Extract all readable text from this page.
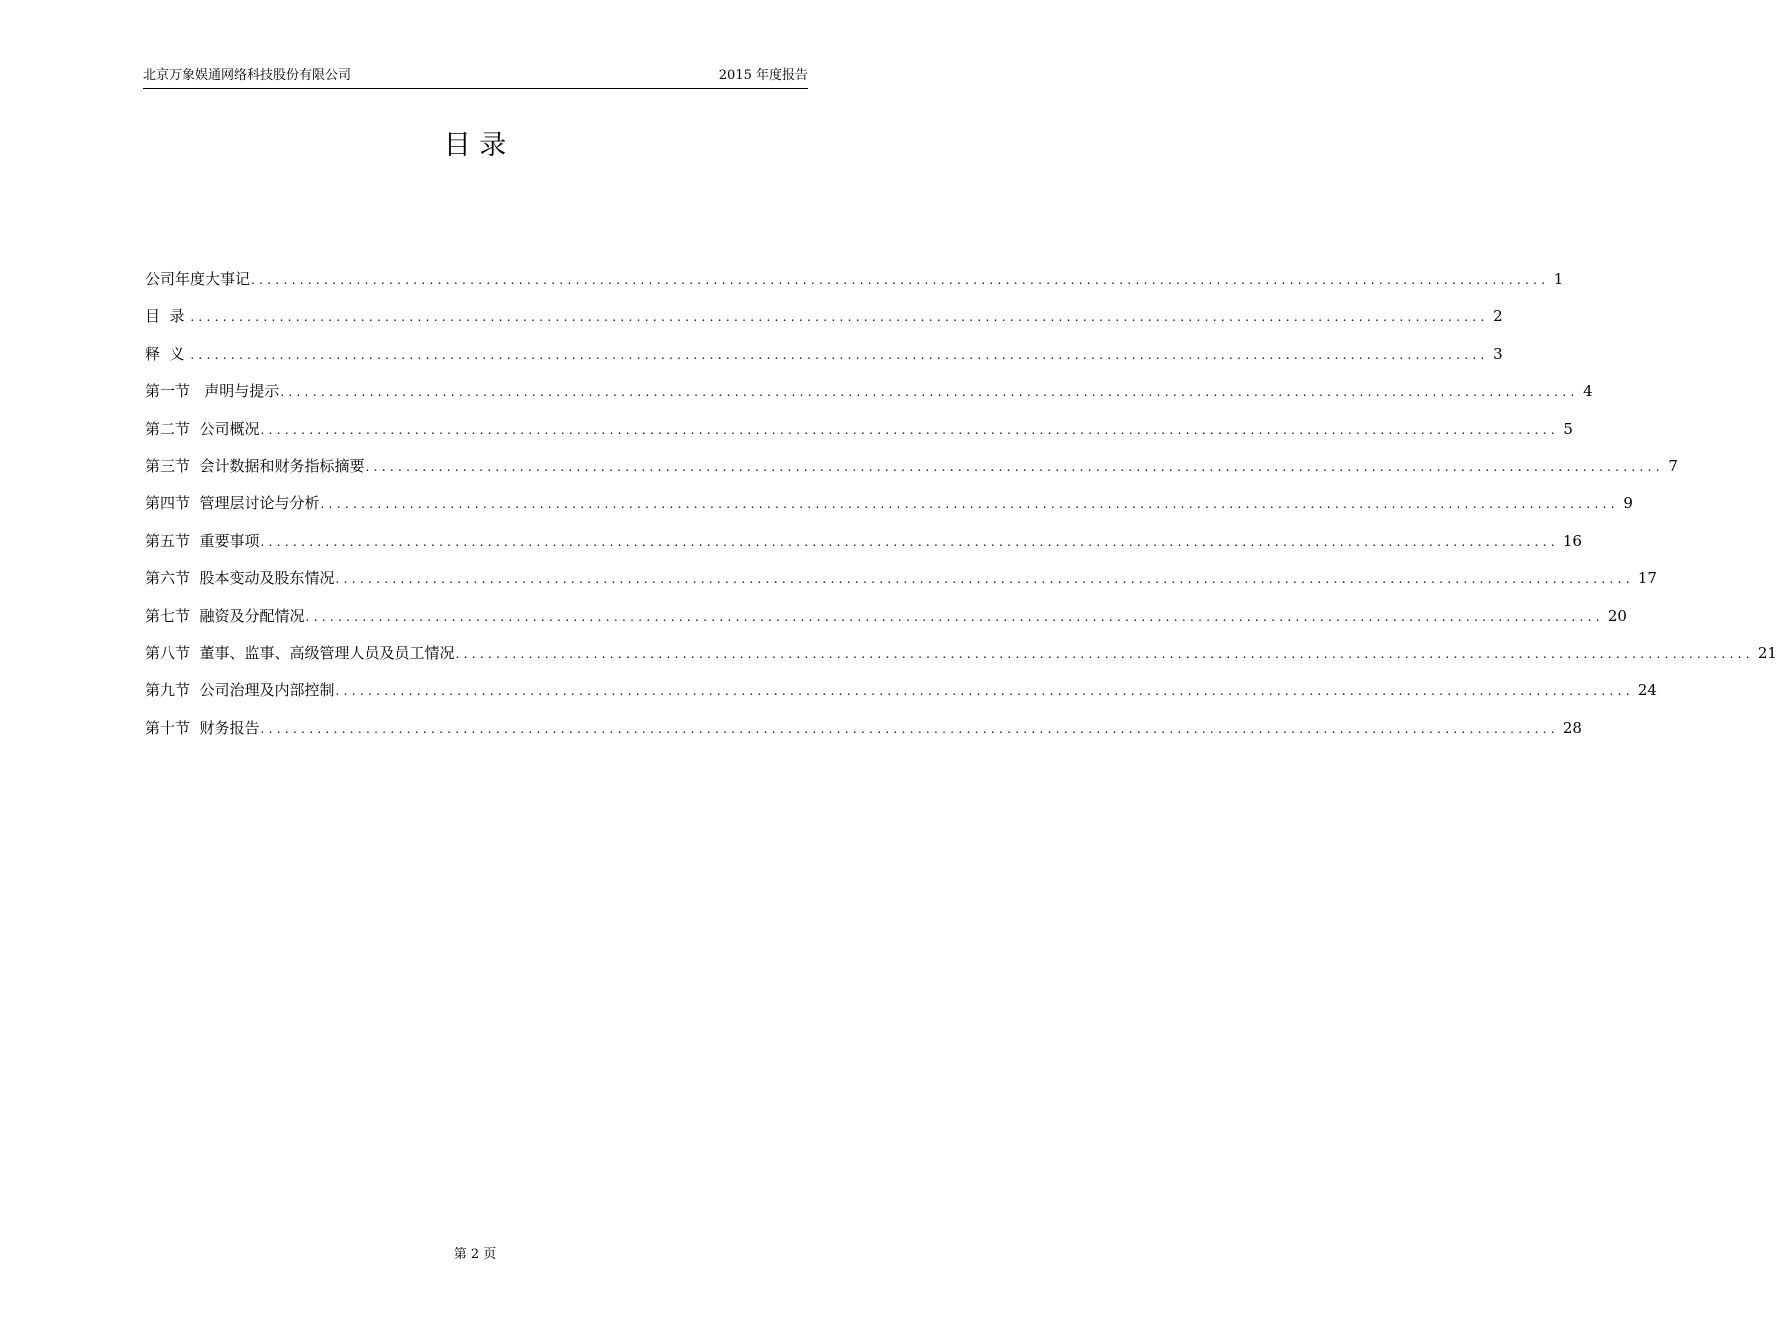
北京万象娱通网络科技股份有限公司	2015 年度报告
目 录
公司年度大事记 ................................................................................................................................................................ 1
目  录 ................................................................................................................................................................ 2
释  义 ................................................................................................................................................................ 3
第一节   声明与提示 ................................................................................................................................................................ 4
第二节  公司概况 ................................................................................................................................................................ 5
第三节  会计数据和财务指标摘要 ................................................................................................................................................................ 7
第四节  管理层讨论与分析 ................................................................................................................................................................ 9
第五节  重要事项 ................................................................................................................................................................ 16
第六节  股本变动及股东情况 ................................................................................................................................................................ 17
第七节  融资及分配情况 ................................................................................................................................................................ 20
第八节  董事、监事、高级管理人员及员工情况 ................................................................................................................................................................ 21
第九节  公司治理及内部控制 ................................................................................................................................................................ 24
第十节  财务报告 ................................................................................................................................................................ 28
第 2 页
